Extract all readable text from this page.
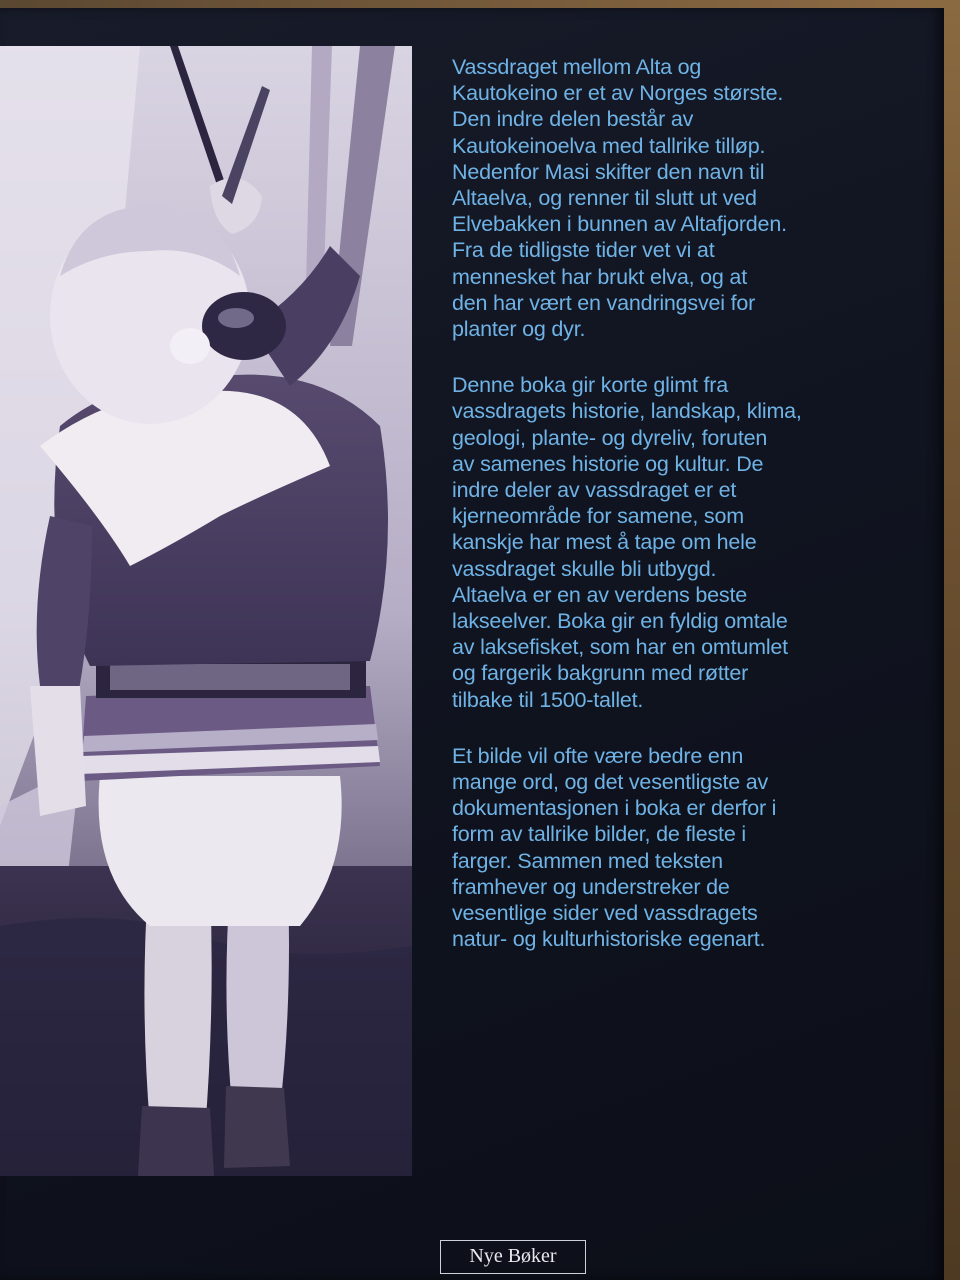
Vassdraget mellom Alta og
Kautokeino er et av Norges største.
Den indre delen består av
Kautokeinoelva med tallrike tilløp.
Nedenfor Masi skifter den navn til
Altaelva, og renner til slutt ut ved
Elvebakken i bunnen av Altafjorden.
Fra de tidligste tider vet vi at
mennesket har brukt elva, og at
den har vært en vandringsvei for
planter og dyr.

Denne boka gir korte glimt fra
vassdragets historie, landskap, klima,
geologi, plante- og dyreliv, foruten
av samenes historie og kultur. De
indre deler av vassdraget er et
kjerneområde for samene, som
kanskje har mest å tape om hele
vassdraget skulle bli utbygd.
Altaelva er en av verdens beste
lakseelver. Boka gir en fyldig omtale
av laksefisket, som har en omtumlet
og fargerik bakgrunn med røtter
tilbake til 1500-tallet.

Et bilde vil ofte være bedre enn
mange ord, og det vesentligste av
dokumentasjonen i boka er derfor i
form av tallrike bilder, de fleste i
farger. Sammen med teksten
framhever og understreker de
vesentlige sider ved vassdragets
natur- og kulturhistoriske egenart.

Nye Bøker
